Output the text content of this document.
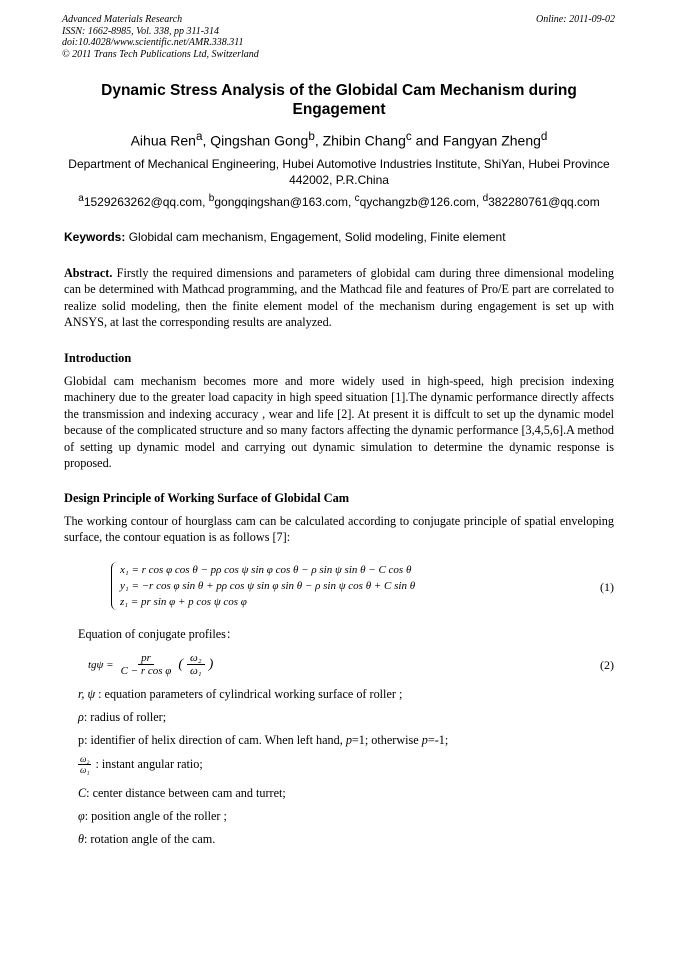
Advanced Materials Research
ISSN: 1662-8985, Vol. 338, pp 311-314
doi:10.4028/www.scientific.net/AMR.338.311
© 2011 Trans Tech Publications Ltd, Switzerland
Online: 2011-09-02
Dynamic Stress Analysis of the Globidal Cam Mechanism during Engagement
Aihua Ren$^a$, Qingshan Gong$^b$, Zhibin Chang$^c$ and Fangyan Zheng$^d$
Department of Mechanical Engineering, Hubei Automotive Industries Institute, ShiYan, Hubei Province 442002, P.R.China
$^a$1529263262@qq.com, $^b$gongqingshan@163.com, $^c$qychangzb@126.com, $^d$382280761@qq.com
Keywords: Globidal cam mechanism, Engagement, Solid modeling, Finite element
Abstract. Firstly the required dimensions and parameters of globidal cam during three dimensional modeling can be determined with Mathcad programming, and the Mathcad file and features of Pro/E part are correlated to realize solid modeling, then the finite element model of the mechanism during engagement is set up with ANSYS, at last the corresponding results are analyzed.
Introduction
Globidal cam mechanism becomes more and more widely used in high-speed, high precision indexing machinery due to the greater load capacity in high speed situation [1].The dynamic performance directly affects the transmission and indexing accuracy , wear and life [2]. At present it is diffcult to set up the dynamic model because of the complicated structure and so many factors affecting the dynamic performance [3,4,5,6].A method of setting up dynamic model and carrying out dynamic simulation to determine the dynamic response is proposed.
Design Principle of Working Surface of Globidal Cam
The working contour of hourglass cam can be calculated according to conjugate principle of spatial enveloping surface, the contour equation is as follows [7]:
x₁ = r cos φ cos θ − pρ cos ψ sin φ cos θ − ρ sin ψ sin θ − C cos θ
y₁ = −r cos φ sin θ + pρ cos ψ sin φ sin θ − ρ sin ψ cos θ + C sin θ
z₁ = pr sin φ + p cos ψ cos φ
(1)
Equation of conjugate profiles：
$tg\psi = \frac{pr}{\text{C − r cos φ}}$ ( $\frac{\text{ω₂}}{\text{ω₁}}$ )	(2)
r, ψ : equation parameters of cylindrical working surface of roller ;
ρ: radius of roller;
p: identifier of helix direction of cam. When left hand, p=1; otherwise p=-1;
$\frac{\text{ω₂}}{\text{ω₁}}$ : instant angular ratio;
C: center distance between cam and turret;
φ: position angle of the roller ;
θ: rotation angle of the cam.
